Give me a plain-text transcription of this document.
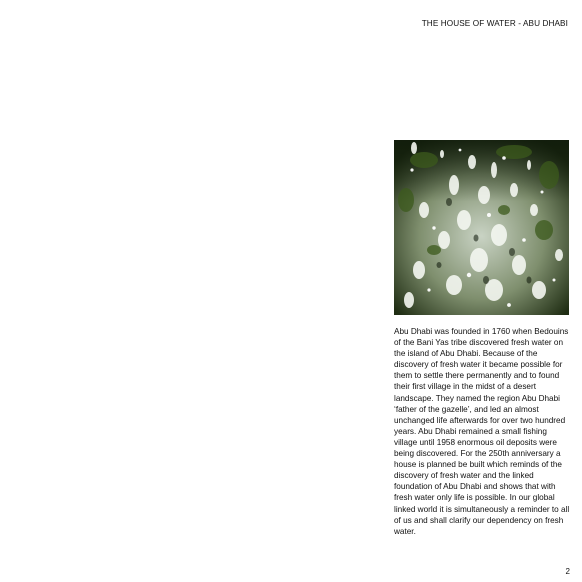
THE HOUSE OF WATER - ABU DHABI
Abu Dhabi was founded in 1760 when Bedouins of the Bani Yas tribe discovered fresh water on the island of Abu Dhabi. Because of the discovery of fresh water it became possible for them to settle there permanently and to found their first village in the midst of a desert landscape. They named the region Abu Dhabi ‘father of the gazelle’, and led an almost unchanged life afterwards for over two hundred years. Abu Dhabi remained a small fishing village until 1958 enormous oil deposits were being discovered. For the 250th anniversary a house is planned be built which reminds of the discovery of fresh water and the linked foundation of Abu Dhabi and shows that with fresh water only life is possible. In our global linked world it is simultaneously a reminder to all of us and shall clarify our dependency on fresh water.
2
